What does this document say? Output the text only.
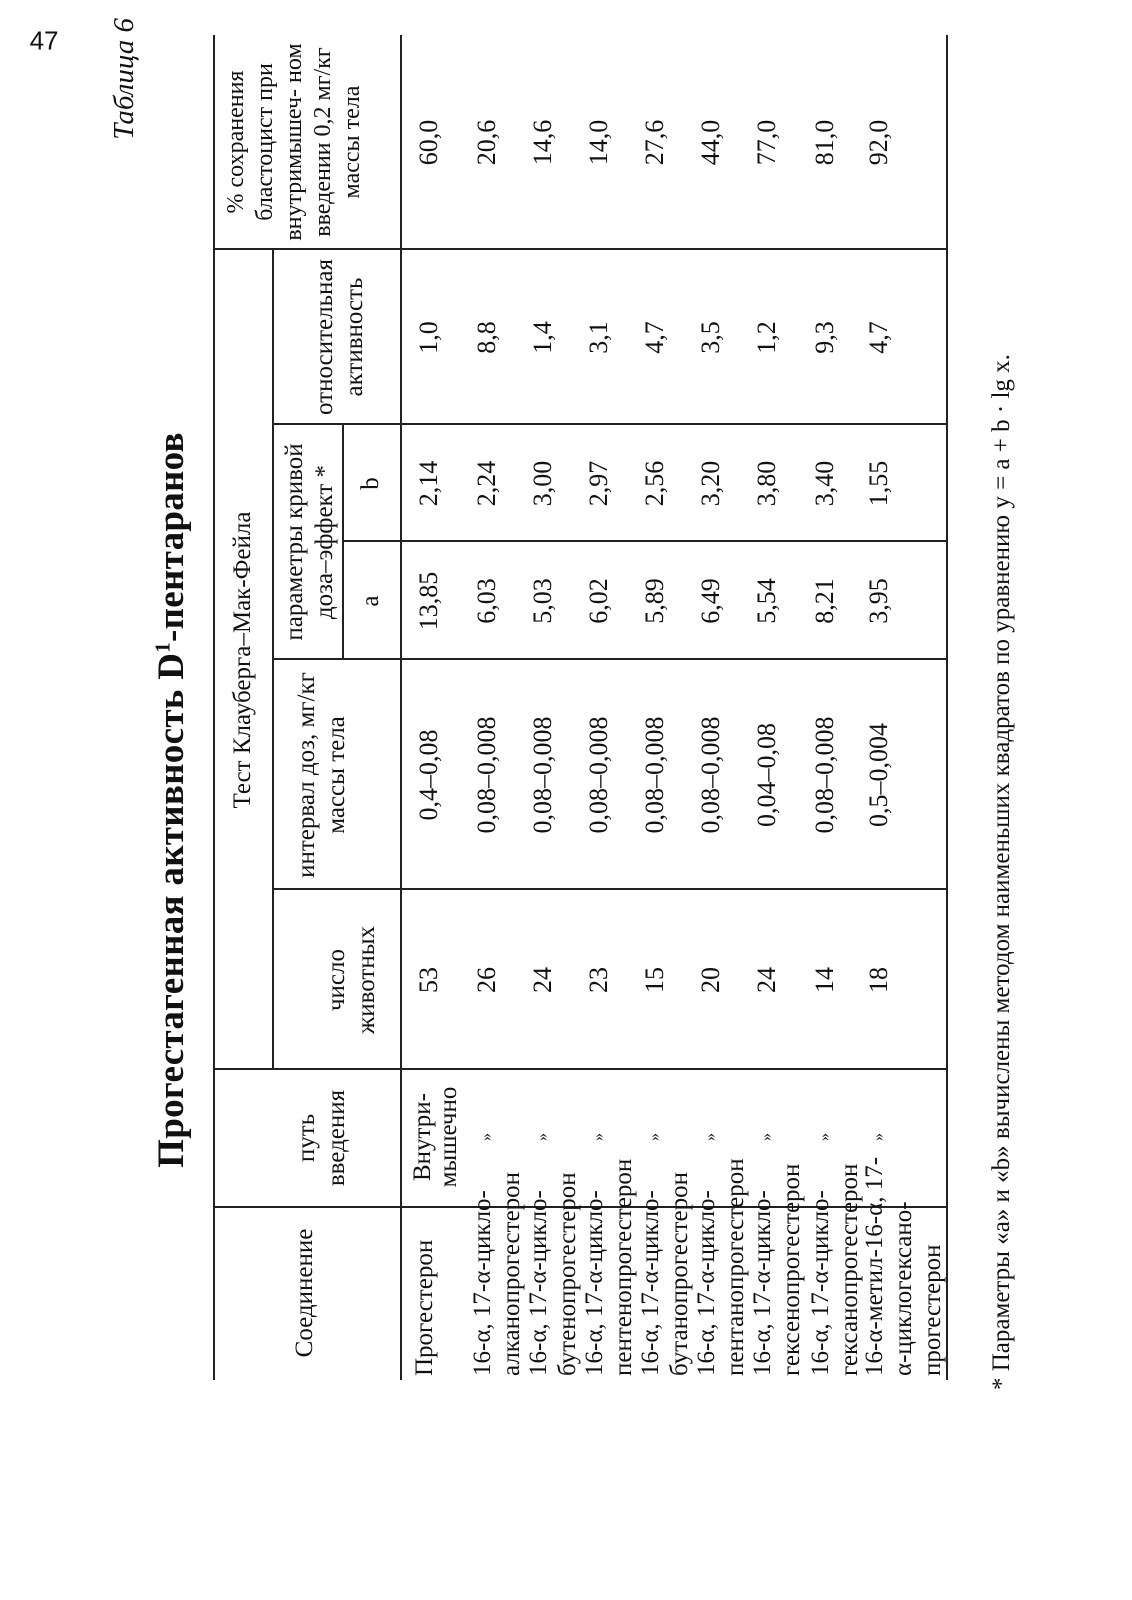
Таблица 6
Прогестагенная активность $D^1$-пентаранов
Соединение
путь введения
Тест Клауберга–Мак-Фейла
число животных
интервал доз, мг/кг массы тела
параметры кривой доза–эффект * a
b
относительная активность
% сохранения бластоцист при внутримышеч- ном введении 0,2 мг/кг массы тела
Прогестерон
Внутри- мышечно
53
0,4–0,08
13,85
2,14
1,0
60,0
16-α, 17-α-цикло- алканопрогестерон
»
26
0,08–0,008
6,03
2,24
8,8
20,6
16-α, 17-α-цикло- бутенопрогестерон
»
24
0,08–0,008
5,03
3,00
1,4
14,6
16-α, 17-α-цикло- пентенопрогестерон
»
23
0,08–0,008
6,02
2,97
3,1
14,0
16-α, 17-α-цикло- бутанопрогестерон
»
15
0,08–0,008
5,89
2,56
4,7
27,6
16-α, 17-α-цикло- пентанопрогестерон
»
20
0,08–0,008
6,49
3,20
3,5
44,0
16-α, 17-α-цикло- гексенопрогестерон
»
24
0,04–0,08
5,54
3,80
1,2
77,0
16-α, 17-α-цикло- гексанопрогестерон
»
14
0,08–0,008
8,21
3,40
9,3
81,0
16-α-метил-16-α, 17-α-циклогексано- прогестерон
»
18
0,5–0,004
3,95
1,55
4,7
92,0
* Параметры «a» и «b» вычислены методом наименьших квадратов по уравнению y = a + b · lg x.
47
